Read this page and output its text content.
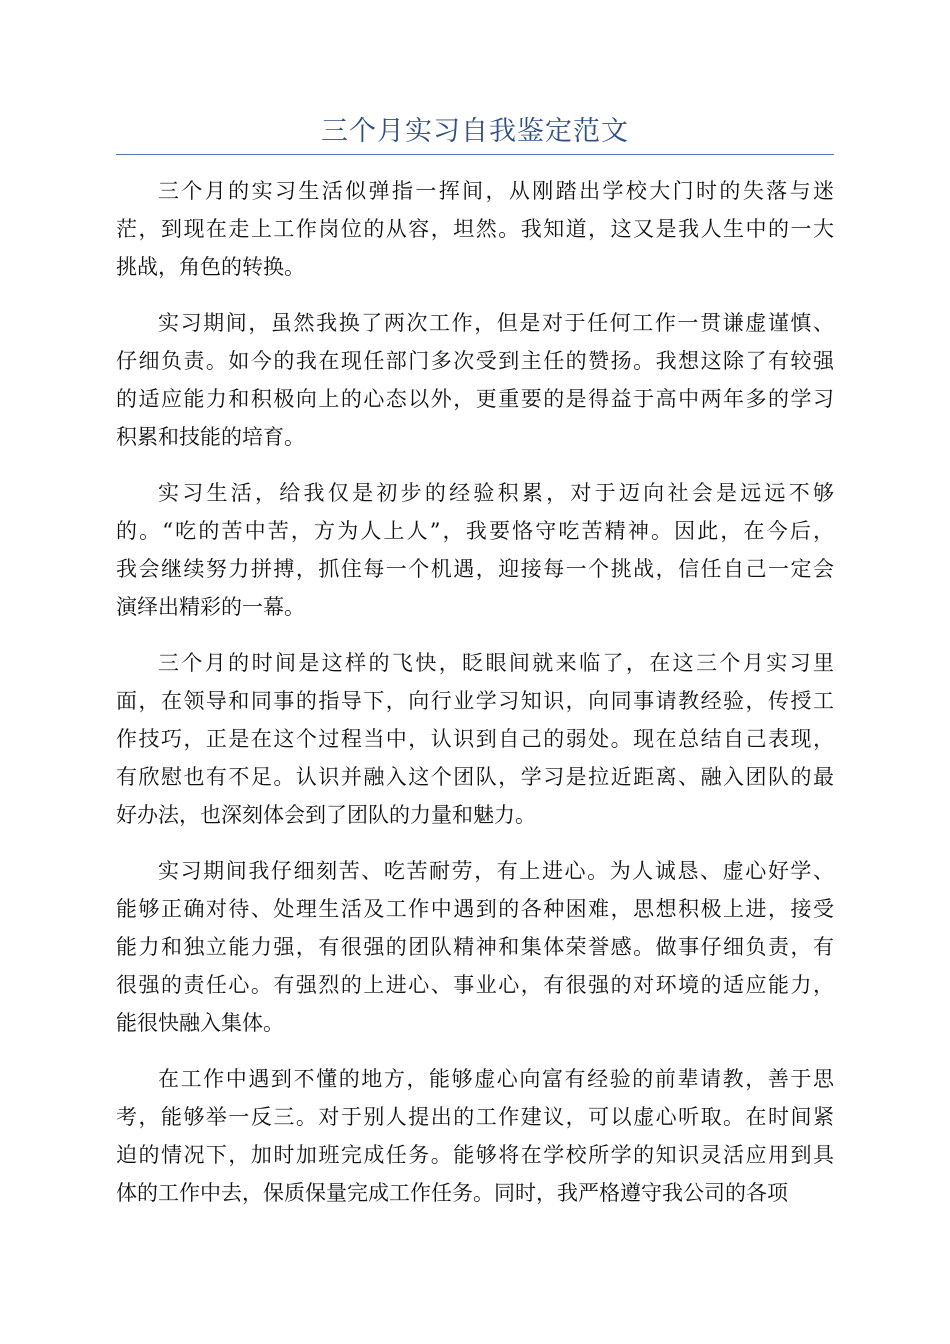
三个月实习自我鉴定范文

三个月的实习生活似弹指一挥间，从刚踏出学校大门时的失落与迷
茫，到现在走上工作岗位的从容，坦然。我知道，这又是我人生中的一大
挑战，角色的转换。

实习期间，虽然我换了两次工作，但是对于任何工作一贯谦虚谨慎、
仔细负责。如今的我在现任部门多次受到主任的赞扬。我想这除了有较强
的适应能力和积极向上的心态以外，更重要的是得益于高中两年多的学习
积累和技能的培育。

实习生活，给我仅是初步的经验积累，对于迈向社会是远远不够
的。“吃的苦中苦，方为人上人”，我要恪守吃苦精神。因此，在今后，
我会继续努力拼搏，抓住每一个机遇，迎接每一个挑战，信任自己一定会
演绎出精彩的一幕。

三个月的时间是这样的飞快，眨眼间就来临了，在这三个月实习里
面，在领导和同事的指导下，向行业学习知识，向同事请教经验，传授工
作技巧，正是在这个过程当中，认识到自己的弱处。现在总结自己表现，
有欣慰也有不足。认识并融入这个团队，学习是拉近距离、融入团队的最
好办法，也深刻体会到了团队的力量和魅力。

实习期间我仔细刻苦、吃苦耐劳，有上进心。为人诚恳、虚心好学、
能够正确对待、处理生活及工作中遇到的各种困难，思想积极上进，接受
能力和独立能力强，有很强的团队精神和集体荣誉感。做事仔细负责，有
很强的责任心。有强烈的上进心、事业心，有很强的对环境的适应能力，
能很快融入集体。

在工作中遇到不懂的地方，能够虚心向富有经验的前辈请教，善于思
考，能够举一反三。对于别人提出的工作建议，可以虚心听取。在时间紧
迫的情况下，加时加班完成任务。能够将在学校所学的知识灵活应用到具
体的工作中去，保质保量完成工作任务。同时，我严格遵守我公司的各项
